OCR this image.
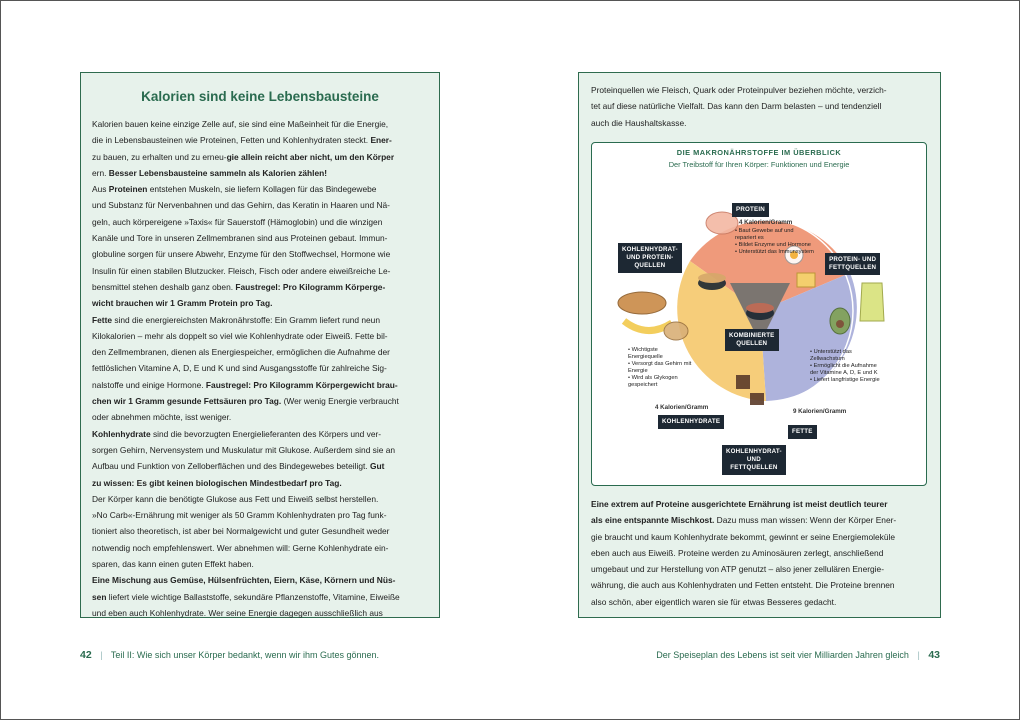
Kalorien sind keine Lebensbausteine
Kalorien bauen keine einzige Zelle auf, sie sind eine Maßeinheit für die Energie,
die in Lebensbausteinen wie Proteinen, Fetten und Kohlenhydraten steckt. Ener-
zu bauen, zu erhalten und zu erneu-gie allein reicht aber nicht, um den Körper
ern. Besser Lebensbausteine sammeln als Kalorien zählen!
Aus Proteinen entstehen Muskeln, sie liefern Kollagen für das Bindegewebe
und Substanz für Nervenbahnen und das Gehirn, das Keratin in Haaren und Nä-
geln, auch körpereigene »Taxis« für Sauerstoff (Hämoglobin) und die winzigen
Kanäle und Tore in unseren Zellmembranen sind aus Proteinen gebaut. Immun-
globuline sorgen für unsere Abwehr, Enzyme für den Stoffwechsel, Hormone wie
Insulin für einen stabilen Blutzucker. Fleisch, Fisch oder andere eiweißreiche Le-
bensmittel stehen deshalb ganz oben. Faustregel: Pro Kilogramm Körperge-
wicht brauchen wir 1 Gramm Protein pro Tag.
Fette sind die energiereichsten Makronährstoffe: Ein Gramm liefert rund neun
Kilokalorien – mehr als doppelt so viel wie Kohlenhydrate oder Eiweiß. Fette bil-
den Zellmembranen, dienen als Energiespeicher, ermöglichen die Aufnahme der
fettlöslichen Vitamine A, D, E und K und sind Ausgangsstoffe für zahlreiche Sig-
nalstoffe und einige Hormone. Faustregel: Pro Kilogramm Körpergewicht brau-
chen wir 1 Gramm gesunde Fettsäuren pro Tag. (Wer wenig Energie verbraucht
oder abnehmen möchte, isst weniger.
Kohlenhydrate sind die bevorzugten Energielieferanten des Körpers und ver-
sorgen Gehirn, Nervensystem und Muskulatur mit Glukose. Außerdem sind sie an
Aufbau und Funktion von Zelloberflächen und des Bindegewebes beteiligt. Gut
zu wissen: Es gibt keinen biologischen Mindestbedarf pro Tag.
Der Körper kann die benötigte Glukose aus Fett und Eiweiß selbst herstellen.
»No Carb«-Ernährung mit weniger als 50 Gramm Kohlenhydraten pro Tag funk-
tioniert also theoretisch, ist aber bei Normalgewicht und guter Gesundheit weder
notwendig noch empfehlenswert. Wer abnehmen will: Gerne Kohlenhydrate ein-
sparen, das kann einen guten Effekt haben.
Eine Mischung aus Gemüse, Hülsenfrüchten, Eiern, Käse, Körnern und Nüs-
sen liefert viele wichtige Ballaststoffe, sekundäre Pflanzenstoffe, Vitamine, Eiweiße
und eben auch Kohlenhydrate. Wer seine Energie dagegen ausschließlich aus
Proteinquellen wie Fleisch, Quark oder Proteinpulver beziehen möchte, verzich-
tet auf diese natürliche Vielfalt. Das kann den Darm belasten – und tendenziell
auch die Haushaltskasse.
DIE MAKRONÄHRSTOFFE IM ÜBERBLICK
Der Treibstoff für Ihren Körper: Funktionen und Energie
PROTEIN
4 Kalorien/Gramm
• Baut Gewebe auf und repariert es
• Bildet Enzyme und Hormone
• Unterstützt das Immunsystem
KOHLENHYDRAT-
UND PROTEIN-
QUELLEN
PROTEIN- UND
FETTQUELLEN
KOMBINIERTE
QUELLEN
• Wichtigste Energiequelle
• Versorgt das Gehirn mit Energie
• Wird als Glykogen gespeichert
4 Kalorien/Gramm
KOHLENHYDRATE
• Unterstützt das Zellwachstum
• Ermöglicht die Aufnahme der Vitamine A, D, E und K
• Liefert langfristige Energie
9 Kalorien/Gramm
FETTE
KOHLENHYDRAT-
UND
FETTQUELLEN
Eine extrem auf Proteine ausgerichtete Ernährung ist meist deutlich teurer
als eine entspannte Mischkost. Dazu muss man wissen: Wenn der Körper Ener-
gie braucht und kaum Kohlenhydrate bekommt, gewinnt er seine Energiemoleküle
eben auch aus Eiweiß. Proteine werden zu Aminosäuren zerlegt, anschließend
umgebaut und zur Herstellung von ATP genutzt – also jener zellulären Energie-
währung, die auch aus Kohlenhydraten und Fetten entsteht. Die Proteine brennen
also schön, aber eigentlich waren sie für etwas Besseres gedacht.
42 | Teil II: Wie sich unser Körper bedankt, wenn wir ihm Gutes gönnen.	Der Speiseplan des Lebens ist seit vier Milliarden Jahren gleich | 43
